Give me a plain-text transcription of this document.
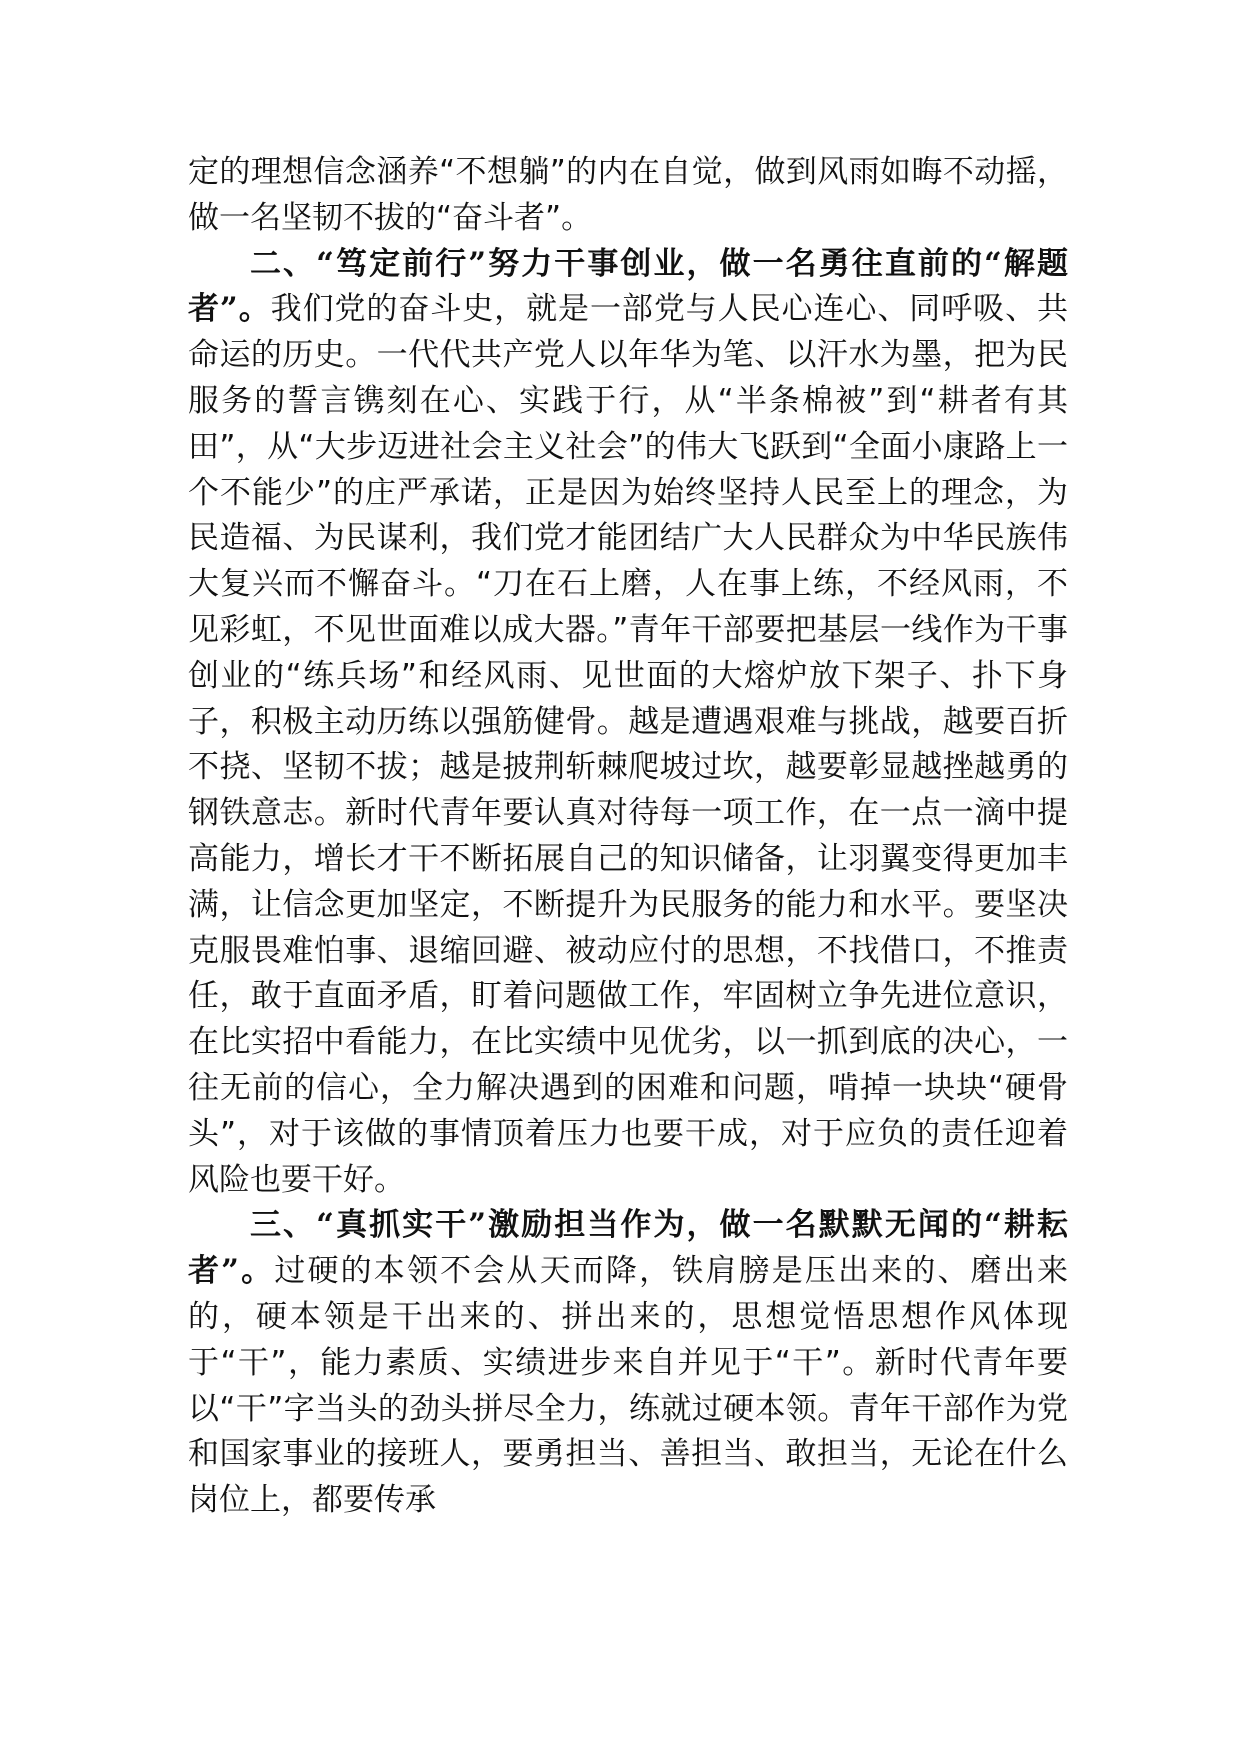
定的理想信念涵养“不想躺”的内在自觉，做到风雨如晦不动摇，做一名坚韧不拔的“奋斗者”。

二、“笃定前行”努力干事创业，做一名勇往直前的“解题者”。我们党的奋斗史，就是一部党与人民心连心、同呼吸、共命运的历史。一代代共产党人以年华为笔、以汗水为墨，把为民服务的誓言镌刻在心、实践于行，从“半条棉被”到“耕者有其田”，从“大步迈进社会主义社会”的伟大飞跃到“全面小康路上一个不能少”的庄严承诺，正是因为始终坚持人民至上的理念，为民造福、为民谋利，我们党才能团结广大人民群众为中华民族伟大复兴而不懈奋斗。“刀在石上磨，人在事上练，不经风雨，不见彩虹，不见世面难以成大器。”青年干部要把基层一线作为干事创业的“练兵场”和经风雨、见世面的大熔炉放下架子、扑下身子，积极主动历练以强筋健骨。越是遭遇艰难与挑战，越要百折不挠、坚韧不拔；越是披荆斩棘爬坡过坎，越要彰显越挫越勇的钢铁意志。新时代青年要认真对待每一项工作，在一点一滴中提高能力，增长才干不断拓展自己的知识储备，让羽翼变得更加丰满，让信念更加坚定，不断提升为民服务的能力和水平。要坚决克服畏难怕事、退缩回避、被动应付的思想，不找借口，不推责任，敢于直面矛盾，盯着问题做工作，牢固树立争先进位意识，在比实招中看能力，在比实绩中见优劣，以一抓到底的决心，一往无前的信心，全力解决遇到的困难和问题，啃掉一块块“硬骨头”，对于该做的事情顶着压力也要干成，对于应负的责任迎着风险也要干好。

三、“真抓实干”激励担当作为，做一名默默无闻的“耕耘者”。过硬的本领不会从天而降，铁肩膀是压出来的、磨出来的，硬本领是干出来的、拼出来的，思想觉悟思想作风体现于“干”，能力素质、实绩进步来自并见于“干”。新时代青年要以“干”字当头的劲头拼尽全力，练就过硬本领。青年干部作为党和国家事业的接班人，要勇担当、善担当、敢担当，无论在什么岗位上，都要传承
